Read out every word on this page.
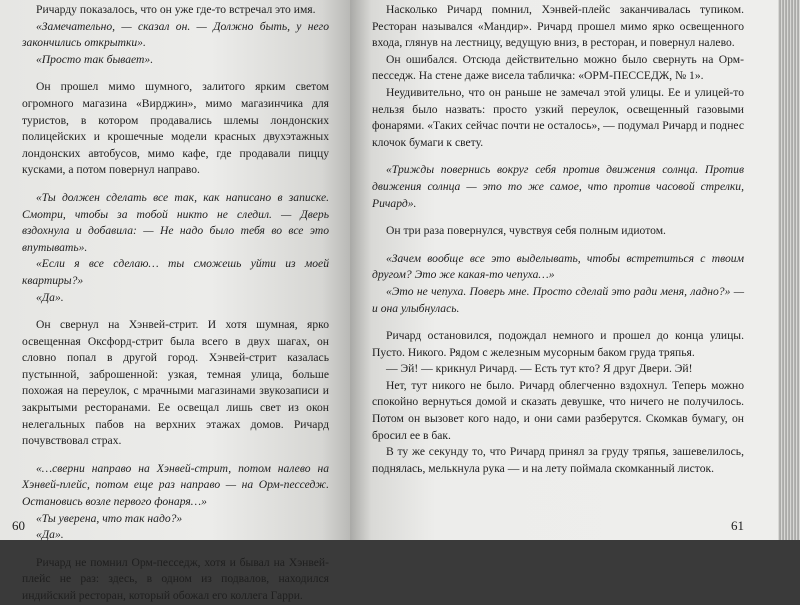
Ричарду показалось, что он уже где-то встречал это имя.

«Замечательно, — сказал он. — Должно быть, у него закончились открытки».

«Просто так бывает».

Он прошел мимо шумного, залитого ярким светом огромного магазина «Вирджин», мимо магазинчика для туристов, в котором продавались шлемы лондонских полицейских и крошечные модели красных двухэтажных лондонских автобусов, мимо кафе, где продавали пиццу кусками, а потом повернул направо.

«Ты должен сделать все так, как написано в записке. Смотри, чтобы за тобой никто не следил. — Дверь вздохнула и добавила: — Не надо было тебя во все это впутывать».

«Если я все сделаю… ты сможешь уйти из моей квартиры?»

«Да».

Он свернул на Хэнвей-стрит. И хотя шумная, ярко освещенная Оксфорд-стрит была всего в двух шагах, он словно попал в другой город. Хэнвей-стрит казалась пустынной, заброшенной: узкая, темная улица, больше похожая на переулок, с мрачными магазинами звукозаписи и закрытыми ресторанами. Ее освещал лишь свет из окон нелегальных пабов на верхних этажах домов. Ричард почувствовал страх.

«…сверни направо на Хэнвей-стрит, потом налево на Хэнвей-плейс, потом еще раз направо — на Орм-песседж. Остановись возле первого фонаря…»

«Ты уверена, что так надо?»

«Да».

Ричард не помнил Орм-песседж, хотя и бывал на Хэнвей-плейс не раз: здесь, в одном из подвалов, находился индийский ресторан, который обожал его коллега Гарри.

60

Насколько Ричард помнил, Хэнвей-плейс заканчивалась тупиком. Ресторан назывался «Мандир». Ричард прошел мимо ярко освещенного входа, глянув на лестницу, ведущую вниз, в ресторан, и повернул налево.

Он ошибался. Отсюда действительно можно было свернуть на Орм-песседж. На стене даже висела табличка: «ОРМ-ПЕССЕДЖ, № 1».

Неудивительно, что он раньше не замечал этой улицы. Ее и улицей-то нельзя было назвать: просто узкий переулок, освещенный газовыми фонарями. «Таких сейчас почти не осталось», — подумал Ричард и поднес клочок бумаги к свету.

«Трижды повернись вокруг себя против движения солнца. Против движения солнца — это то же самое, что против часовой стрелки, Ричард».

Он три раза повернулся, чувствуя себя полным идиотом.

«Зачем вообще все это выделывать, чтобы встретиться с твоим другом? Это же какая-то чепуха…»

«Это не чепуха. Поверь мне. Просто сделай это ради меня, ладно?» — и она улыбнулась.

Ричард остановился, подождал немного и прошел до конца улицы. Пусто. Никого. Рядом с железным мусорным баком груда тряпья.

— Эй! — крикнул Ричард. — Есть тут кто? Я друг Двери. Эй!

Нет, тут никого не было. Ричард облегченно вздохнул. Теперь можно спокойно вернуться домой и сказать девушке, что ничего не получилось. Потом он вызовет кого надо, и они сами разберутся. Скомкав бумагу, он бросил ее в бак.

В ту же секунду то, что Ричард принял за груду тряпья, зашевелилось, поднялась, мелькнула рука — и на лету поймала скомканный листок.

61
